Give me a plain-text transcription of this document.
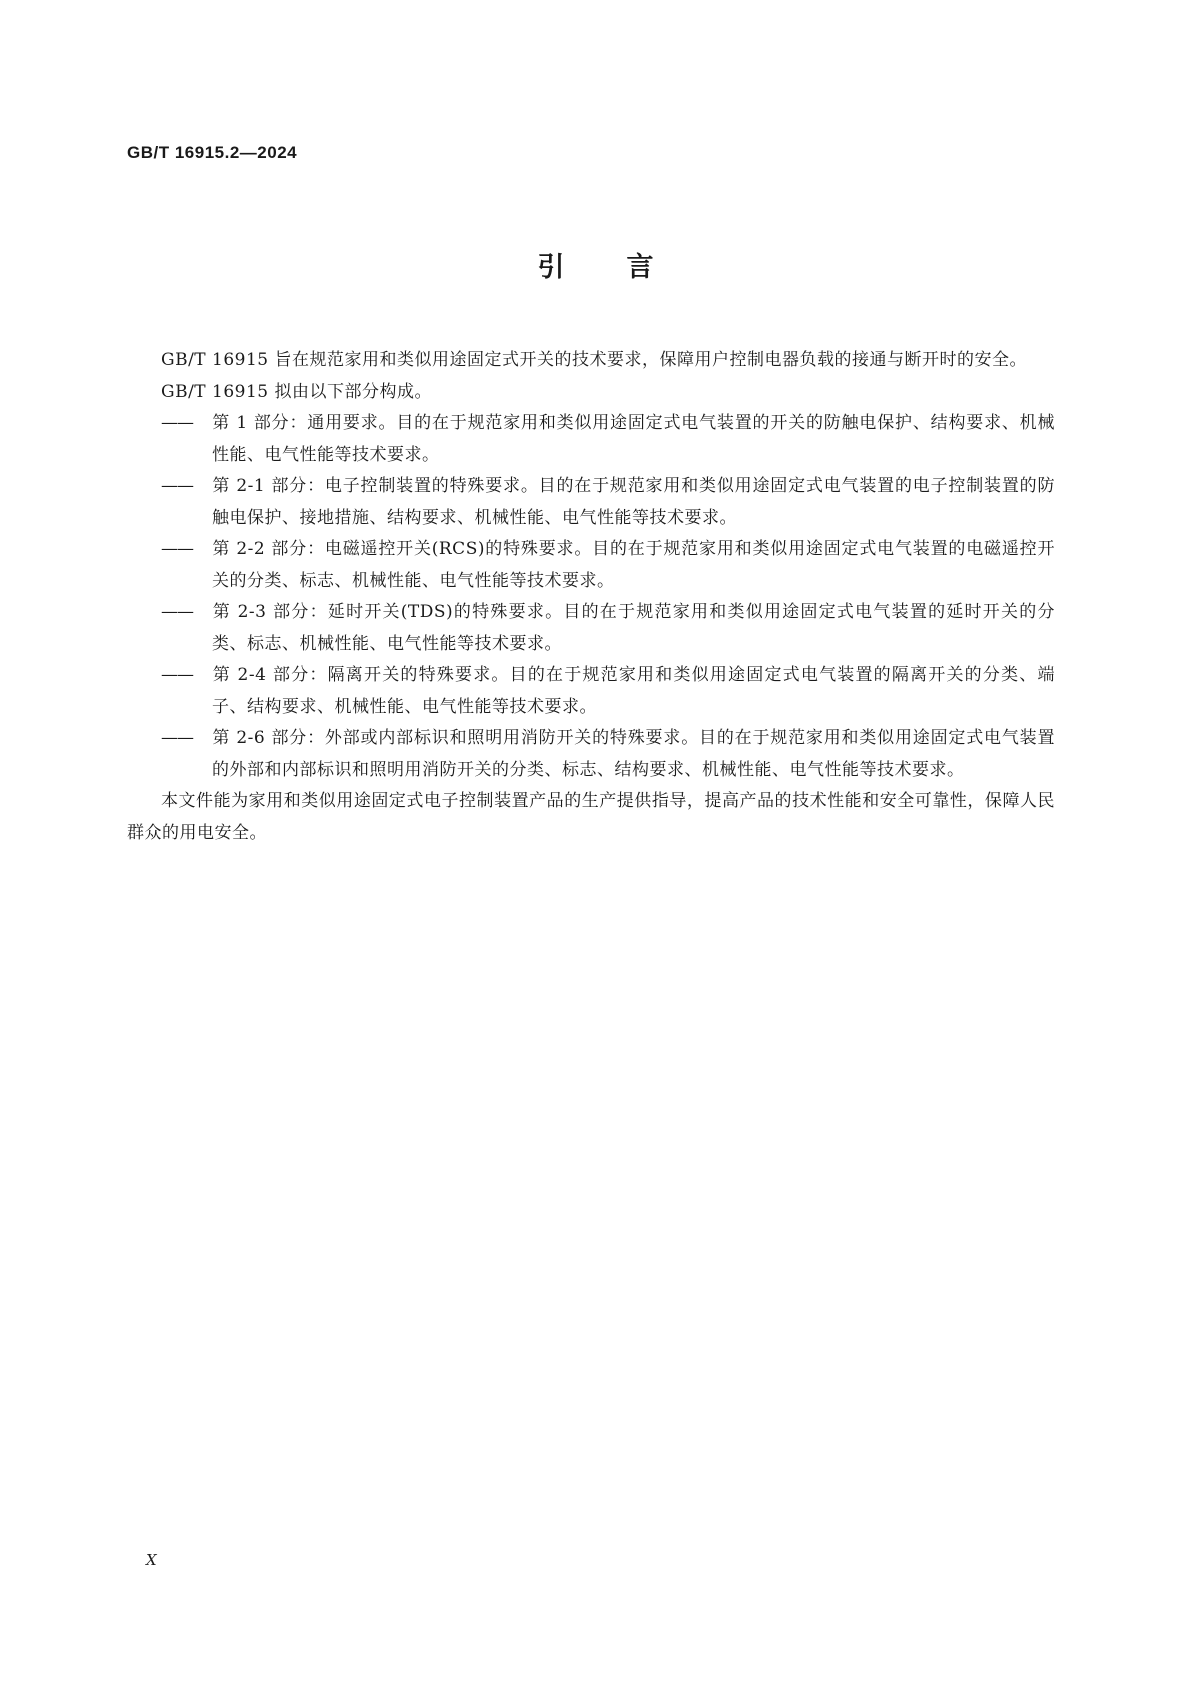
GB/T 16915.2—2024
引言

GB/T 16915 旨在规范家用和类似用途固定式开关的技术要求，保障用户控制电器负载的接通与断开时的安全。

GB/T 16915 拟由以下部分构成。

—— 第 1 部分：通用要求。目的在于规范家用和类似用途固定式电气装置的开关的防触电保护、结构要求、机械性能、电气性能等技术要求。

—— 第 2-1 部分：电子控制装置的特殊要求。目的在于规范家用和类似用途固定式电气装置的电子控制装置的防触电保护、接地措施、结构要求、机械性能、电气性能等技术要求。

—— 第 2-2 部分：电磁遥控开关(RCS)的特殊要求。目的在于规范家用和类似用途固定式电气装置的电磁遥控开关的分类、标志、机械性能、电气性能等技术要求。

—— 第 2-3 部分：延时开关(TDS)的特殊要求。目的在于规范家用和类似用途固定式电气装置的延时开关的分类、标志、机械性能、电气性能等技术要求。

—— 第 2-4 部分：隔离开关的特殊要求。目的在于规范家用和类似用途固定式电气装置的隔离开关的分类、端子、结构要求、机械性能、电气性能等技术要求。

—— 第 2-6 部分：外部或内部标识和照明用消防开关的特殊要求。目的在于规范家用和类似用途固定式电气装置的外部和内部标识和照明用消防开关的分类、标志、结构要求、机械性能、电气性能等技术要求。

本文件能为家用和类似用途固定式电子控制装置产品的生产提供指导，提高产品的技术性能和安全可靠性，保障人民群众的用电安全。

X
